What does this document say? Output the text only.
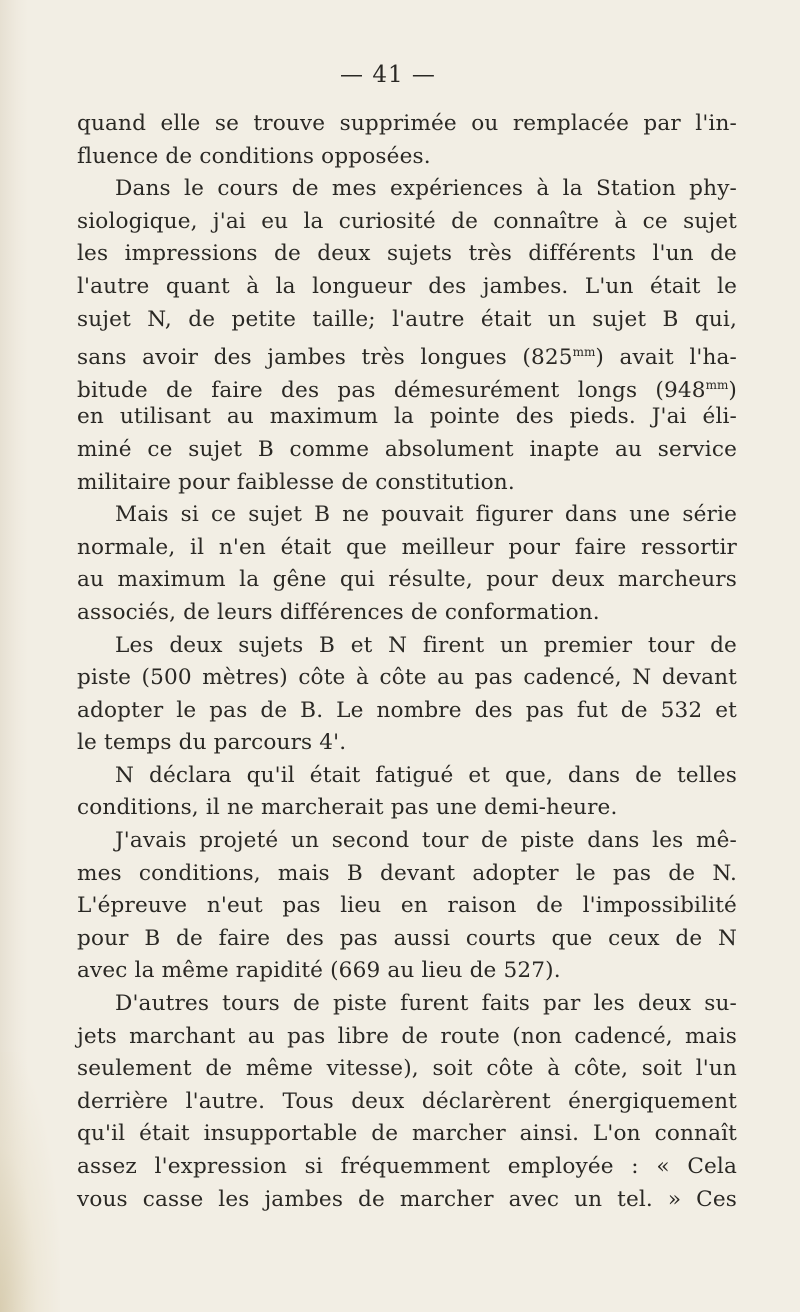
— 41 —
quand elle se trouve supprimée ou remplacée par l'in-
fluence de conditions opposées.
Dans le cours de mes expériences à la Station phy-
siologique, j'ai eu la curiosité de connaître à ce sujet
les impressions de deux sujets très différents l'un de
l'autre quant à la longueur des jambes. L'un était le
sujet N, de petite taille; l'autre était un sujet B qui,
sans avoir des jambes très longues $(825^{mm})$ avait l'ha-
bitude de faire des pas démesurément longs $(948^{mm})$
en utilisant au maximum la pointe des pieds. J'ai éli-
miné ce sujet B comme absolument inapte au service
militaire pour faiblesse de constitution.
Mais si ce sujet B ne pouvait figurer dans une série
normale, il n'en était que meilleur pour faire ressortir
au maximum la gêne qui résulte, pour deux marcheurs
associés, de leurs différences de conformation.
Les deux sujets B et N firent un premier tour de
piste (500 mètres) côte à côte au pas cadencé, N devant
adopter le pas de B. Le nombre des pas fut de 532 et
le temps du parcours 4'.
N déclara qu'il était fatigué et que, dans de telles
conditions, il ne marcherait pas une demi-heure.
J'avais projeté un second tour de piste dans les mê-
mes conditions, mais B devant adopter le pas de N.
L'épreuve n'eut pas lieu en raison de l'impossibilité
pour B de faire des pas aussi courts que ceux de N
avec la même rapidité (669 au lieu de 527).
D'autres tours de piste furent faits par les deux su-
jets marchant au pas libre de route (non cadencé, mais
seulement de même vitesse), soit côte à côte, soit l'un
derrière l'autre. Tous deux déclarèrent énergiquement
qu'il était insupportable de marcher ainsi. L'on connaît
assez l'expression si fréquemment employée : « Cela
vous casse les jambes de marcher avec un tel. » Ces
